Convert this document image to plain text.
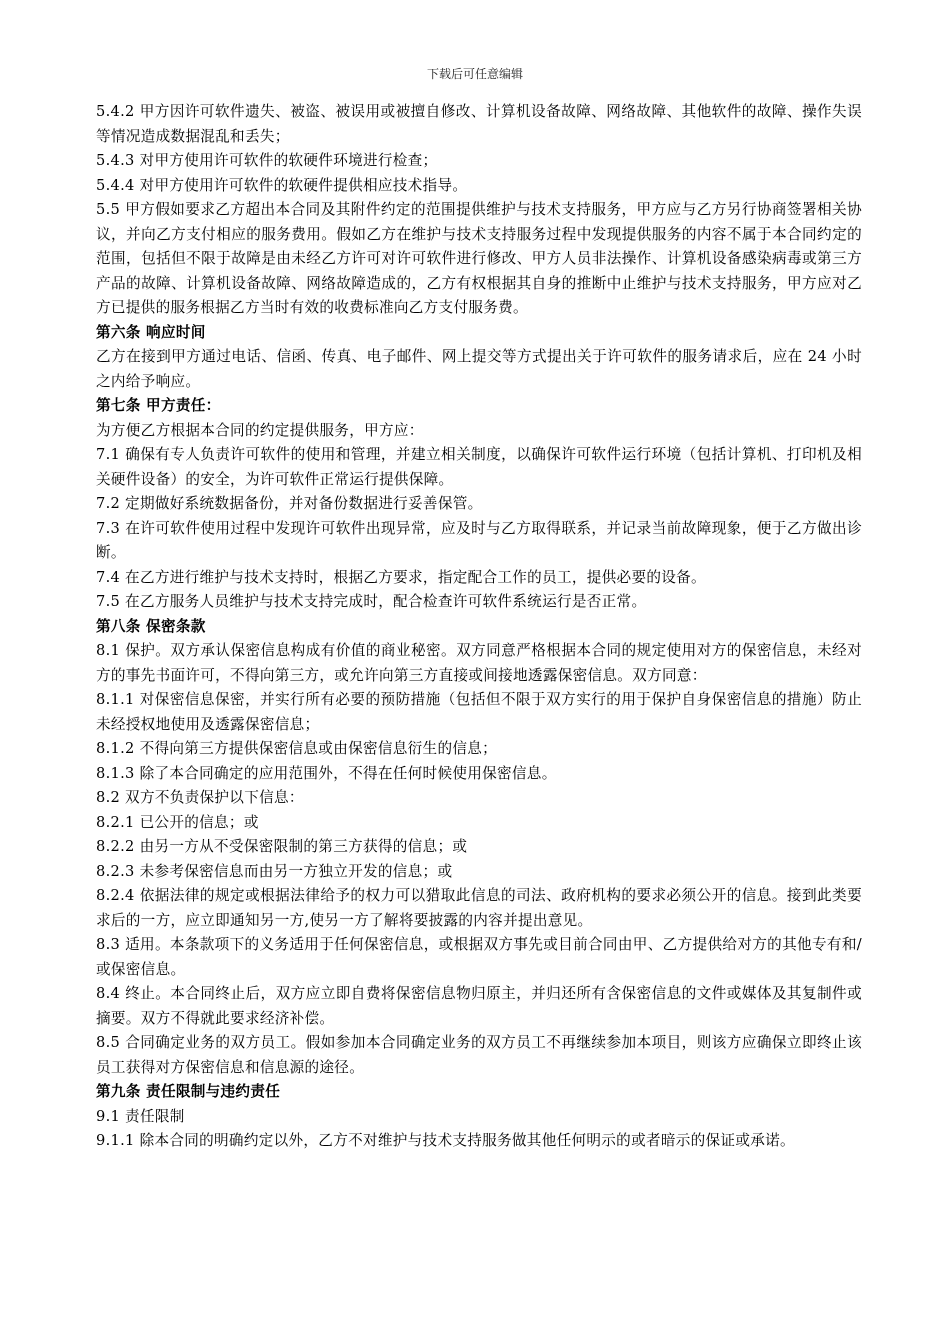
下载后可任意编辑

5.4.2 甲方因许可软件遗失、被盗、被误用或被擅自修改、计算机设备故障、网络故障、其他软件的故障、操作失误等情况造成数据混乱和丢失；

5.4.3 对甲方使用许可软件的软硬件环境进行检查；

5.4.4 对甲方使用许可软件的软硬件提供相应技术指导。

5.5 甲方假如要求乙方超出本合同及其附件约定的范围提供维护与技术支持服务，甲方应与乙方另行协商签署相关协议，并向乙方支付相应的服务费用。假如乙方在维护与技术支持服务过程中发现提供服务的内容不属于本合同约定的范围，包括但不限于故障是由未经乙方许可对许可软件进行修改、甲方人员非法操作、计算机设备感染病毒或第三方产品的故障、计算机设备故障、网络故障造成的，乙方有权根据其自身的推断中止维护与技术支持服务，甲方应对乙方已提供的服务根据乙方当时有效的收费标准向乙方支付服务费。

第六条 响应时间

乙方在接到甲方通过电话、信函、传真、电子邮件、网上提交等方式提出关于许可软件的服务请求后，应在 24 小时之内给予响应。

第七条 甲方责任：

为方便乙方根据本合同的约定提供服务，甲方应：

7.1 确保有专人负责许可软件的使用和管理，并建立相关制度，以确保许可软件运行环境（包括计算机、打印机及相关硬件设备）的安全，为许可软件正常运行提供保障。

7.2 定期做好系统数据备份，并对备份数据进行妥善保管。

7.3 在许可软件使用过程中发现许可软件出现异常，应及时与乙方取得联系，并记录当前故障现象，便于乙方做出诊断。

7.4 在乙方进行维护与技术支持时，根据乙方要求，指定配合工作的员工，提供必要的设备。

7.5 在乙方服务人员维护与技术支持完成时，配合检查许可软件系统运行是否正常。

第八条 保密条款

8.1 保护。双方承认保密信息构成有价值的商业秘密。双方同意严格根据本合同的规定使用对方的保密信息，未经对方的事先书面许可，不得向第三方，或允许向第三方直接或间接地透露保密信息。双方同意：

8.1.1 对保密信息保密，并实行所有必要的预防措施（包括但不限于双方实行的用于保护自身保密信息的措施）防止未经授权地使用及透露保密信息；

8.1.2 不得向第三方提供保密信息或由保密信息衍生的信息；

8.1.3 除了本合同确定的应用范围外，不得在任何时候使用保密信息。

8.2 双方不负责保护以下信息：

8.2.1 已公开的信息；或

8.2.2 由另一方从不受保密限制的第三方获得的信息；或

8.2.3 未参考保密信息而由另一方独立开发的信息；或

8.2.4 依据法律的规定或根据法律给予的权力可以猎取此信息的司法、政府机构的要求必须公开的信息。接到此类要求后的一方，应立即通知另一方,使另一方了解将要披露的内容并提出意见。

8.3 适用。本条款项下的义务适用于任何保密信息，或根据双方事先或目前合同由甲、乙方提供给对方的其他专有和/或保密信息。

8.4 终止。本合同终止后，双方应立即自费将保密信息物归原主，并归还所有含保密信息的文件或媒体及其复制件或摘要。双方不得就此要求经济补偿。

8.5 合同确定业务的双方员工。假如参加本合同确定业务的双方员工不再继续参加本项目，则该方应确保立即终止该员工获得对方保密信息和信息源的途径。

第九条 责任限制与违约责任

9.1 责任限制

9.1.1 除本合同的明确约定以外，乙方不对维护与技术支持服务做其他任何明示的或者暗示的保证或承诺。
